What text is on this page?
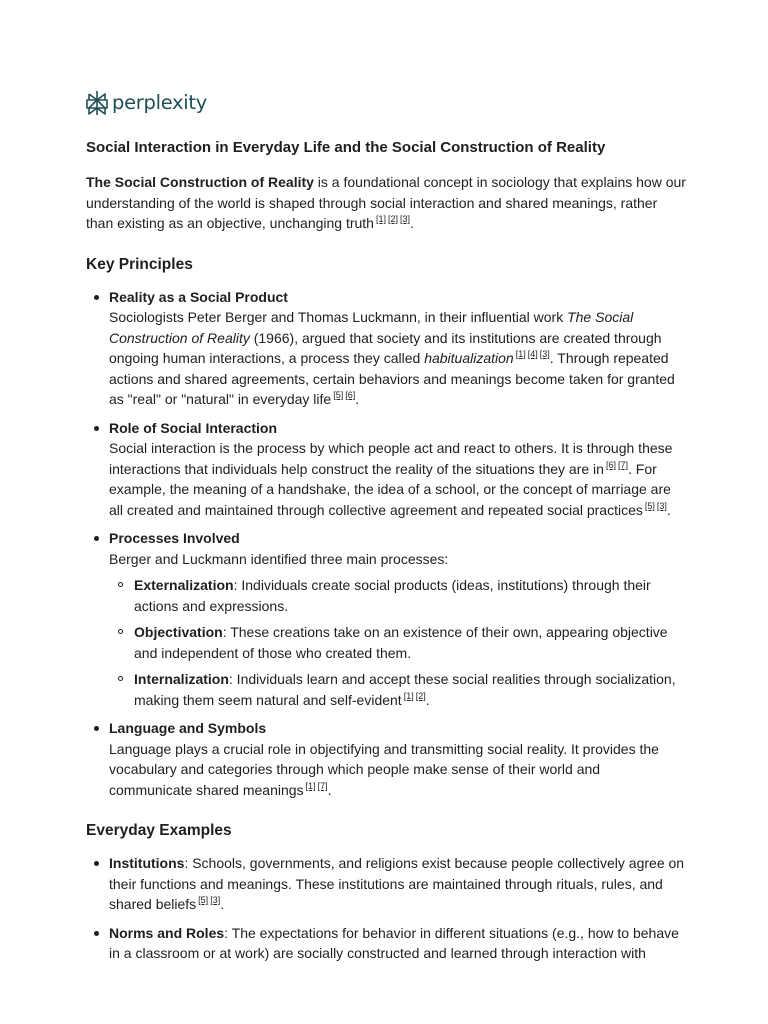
perplexity
Social Interaction in Everyday Life and the Social Construction of Reality

The Social Construction of Reality is a foundational concept in sociology that explains how our understanding of the world is shaped through social interaction and shared meanings, rather than existing as an objective, unchanging truth [1] [2] [3].

Key Principles
Reality as a Social Product
Sociologists Peter Berger and Thomas Luckmann, in their influential work The Social Construction of Reality (1966), argued that society and its institutions are created through ongoing human interactions, a process they called habitualization [1] [4] [3]. Through repeated actions and shared agreements, certain behaviors and meanings become taken for granted as "real" or "natural" in everyday life [5] [6].
Role of Social Interaction
Social interaction is the process by which people act and react to others. It is through these interactions that individuals help construct the reality of the situations they are in [6] [7]. For example, the meaning of a handshake, the idea of a school, or the concept of marriage are all created and maintained through collective agreement and repeated social practices [5] [3].
Processes Involved
Berger and Luckmann identified three main processes:
Externalization: Individuals create social products (ideas, institutions) through their actions and expressions.
Objectivation: These creations take on an existence of their own, appearing objective and independent of those who created them.
Internalization: Individuals learn and accept these social realities through socialization, making them seem natural and self-evident [1] [2].
Language and Symbols
Language plays a crucial role in objectifying and transmitting social reality. It provides the vocabulary and categories through which people make sense of their world and communicate shared meanings [1] [7].
Everyday Examples
Institutions: Schools, governments, and religions exist because people collectively agree on their functions and meanings. These institutions are maintained through rituals, rules, and shared beliefs [5] [3].
Norms and Roles: The expectations for behavior in different situations (e.g., how to behave in a classroom or at work) are socially constructed and learned through interaction with
